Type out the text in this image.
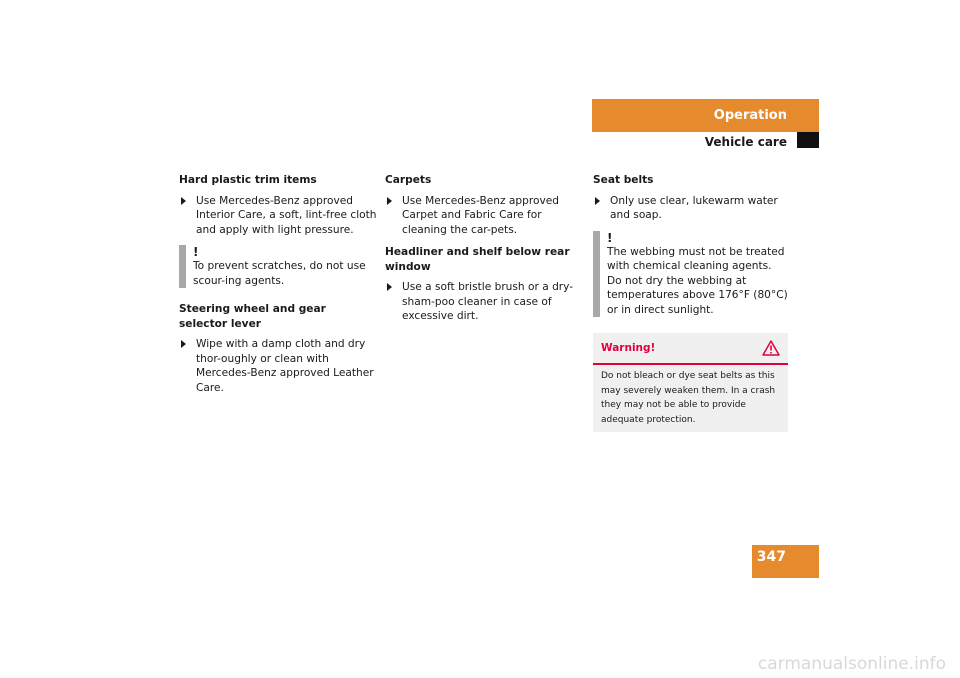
Operation
Vehicle care
Hard plastic trim items
Use Mercedes-Benz approved Interior Care, a soft, lint-free cloth and apply with light pressure.
!
To prevent scratches, do not use scour-ing agents.
Steering wheel and gear selector lever
Wipe with a damp cloth and dry thor-oughly or clean with Mercedes-Benz approved Leather Care.
Carpets
Use Mercedes-Benz approved Carpet and Fabric Care for cleaning the car-pets.
Headliner and shelf below rear window
Use a soft bristle brush or a dry-sham-poo cleaner in case of excessive dirt.
Seat belts
Only use clear, lukewarm water and soap.
!
The webbing must not be treated with chemical cleaning agents. Do not dry the webbing at temperatures above 176°F (80°C) or in direct sunlight.
Warning!
Do not bleach or dye seat belts as this may severely weaken them. In a crash they may not be able to provide adequate protection.
347
carmanualsonline.info
